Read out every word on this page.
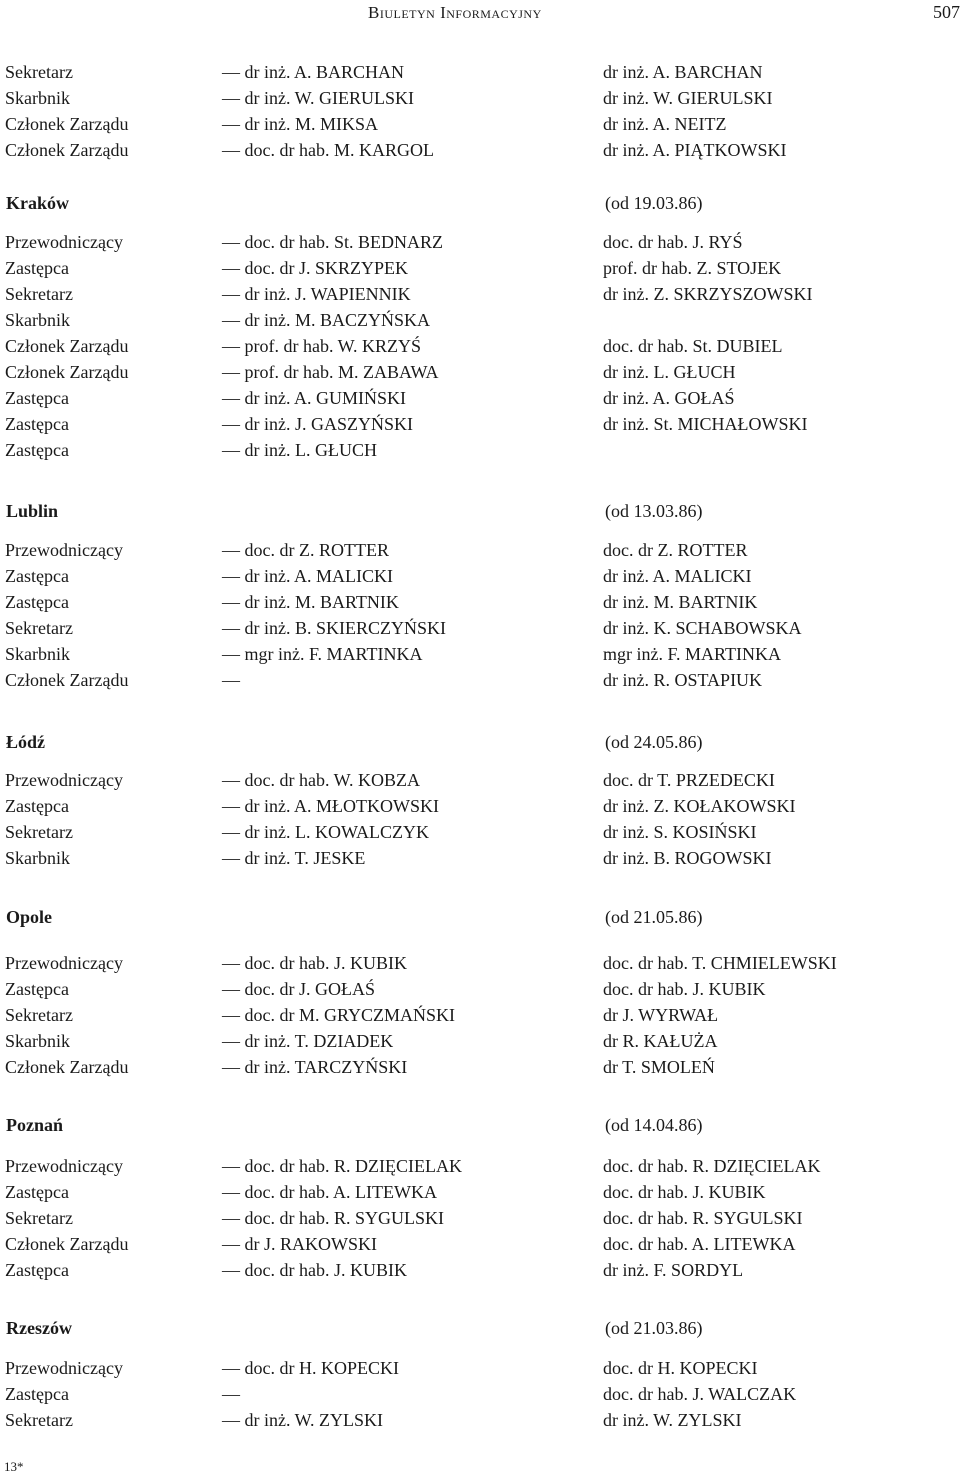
Biuletyn Informacyjny	507
Sekretarz	— dr inż. A. BARCHAN	dr inż. A. BARCHAN
Skarbnik	— dr inż. W. GIERULSKI	dr inż. W. GIERULSKI
Członek Zarządu	— dr inż. M. MIKSA	dr inż. A. NEITZ
Członek Zarządu	— doc. dr hab. M. KARGOL	dr inż. A. PIĄTKOWSKI
Kraków	(od 19.03.86)
Przewodniczący	— doc. dr hab. St. BEDNARZ	doc. dr hab. J. RYŚ
Zastępca	— doc. dr J. SKRZYPEK	prof. dr hab. Z. STOJEK
Sekretarz	— dr inż. J. WAPIENNIK	dr inż. Z. SKRZYSZOWSKI
Skarbnik	— dr inż. M. BACZYŃSKA
Członek Zarządu	— prof. dr hab. W. KRZYŚ	doc. dr hab. St. DUBIEL
Członek Zarządu	— prof. dr hab. M. ZABAWA	dr inż. L. GŁUCH
Zastępca	— dr inż. A. GUMIŃSKI	dr inż. A. GOŁAŚ
Zastępca	— dr inż. J. GASZYŃSKI	dr inż. St. MICHAŁOWSKI
Zastępca	— dr inż. L. GŁUCH
Lublin	(od 13.03.86)
Przewodniczący	— doc. dr Z. ROTTER	doc. dr Z. ROTTER
Zastępca	— dr inż. A. MALICKI	dr inż. A. MALICKI
Zastępca	— dr inż. M. BARTNIK	dr inż. M. BARTNIK
Sekretarz	— dr inż. B. SKIERCZYŃSKI	dr inż. K. SCHABOWSKA
Skarbnik	— mgr inż. F. MARTINKA	mgr inż. F. MARTINKA
Członek Zarządu	—	dr inż. R. OSTAPIUK
Łódź	(od 24.05.86)
Przewodniczący	— doc. dr hab. W. KOBZA	doc. dr T. PRZEDECKI
Zastępca	— dr inż. A. MŁOTKOWSKI	dr inż. Z. KOŁAKOWSKI
Sekretarz	— dr inż. L. KOWALCZYK	dr inż. S. KOSIŃSKI
Skarbnik	— dr inż. T. JESKE	dr inż. B. ROGOWSKI
Opole	(od 21.05.86)
Przewodniczący	— doc. dr hab. J. KUBIK	doc. dr hab. T. CHMIELEWSKI
Zastępca	— doc. dr J. GOŁAŚ	doc. dr hab. J. KUBIK
Sekretarz	— doc. dr M. GRYCZMAŃSKI	dr J. WYRWAŁ
Skarbnik	— dr inż. T. DZIADEK	dr R. KAŁUŻA
Członek Zarządu	— dr inż. TARCZYŃSKI	dr T. SMOLEŃ
Poznań	(od 14.04.86)
Przewodniczący	— doc. dr hab. R. DZIĘCIELAK	doc. dr hab. R. DZIĘCIELAK
Zastępca	— doc. dr hab. A. LITEWKA	doc. dr hab. J. KUBIK
Sekretarz	— doc. dr hab. R. SYGULSKI	doc. dr hab. R. SYGULSKI
Członek Zarządu	— dr J. RAKOWSKI	doc. dr hab. A. LITEWKA
Zastępca	— doc. dr hab. J. KUBIK	dr inż. F. SORDYL
Rzeszów	(od 21.03.86)
Przewodniczący	— doc. dr H. KOPECKI	doc. dr H. KOPECKI
Zastępca	—	doc. dr hab. J. WALCZAK
Sekretarz	— dr inż. W. ZYLSKI	dr inż. W. ZYLSKI
13*
